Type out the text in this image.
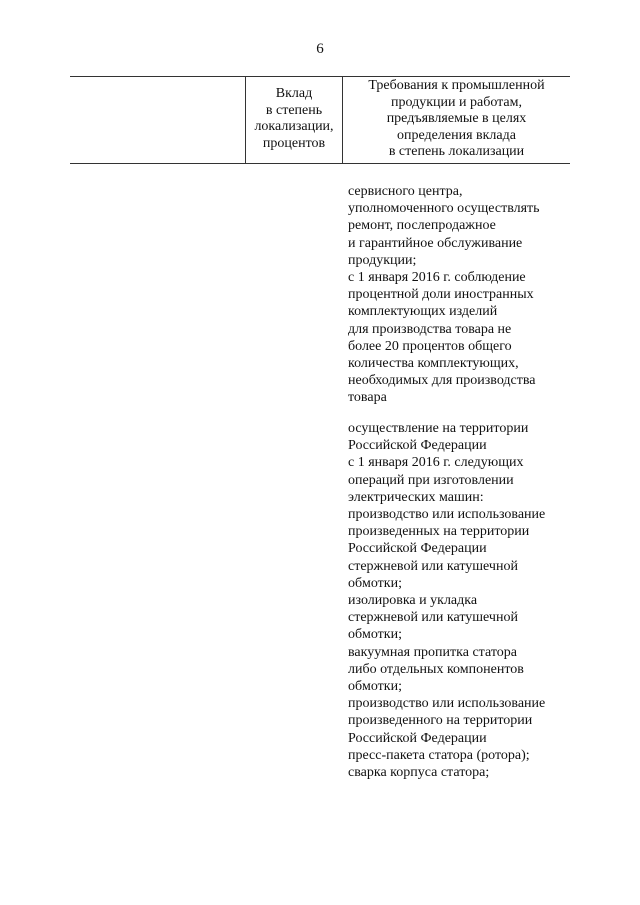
6
Вклад
в степень
локализации,
процентов
Требования к промышленной
продукции и работам,
предъявляемые в целях
определения вклада
в степень локализации
сервисного центра,
уполномоченного осуществлять
ремонт, послепродажное
и гарантийное обслуживание
продукции;
с 1 января 2016 г. соблюдение
процентной доли иностранных
комплектующих изделий
для производства товара не
более 20 процентов общего
количества комплектующих,
необходимых для производства
товара
осуществление на территории
Российской Федерации
с 1 января 2016 г. следующих
операций при изготовлении
электрических машин:
производство или использование
произведенных на территории
Российской Федерации
стержневой или катушечной
обмотки;
изолировка и укладка
стержневой или катушечной
обмотки;
вакуумная пропитка статора
либо отдельных компонентов
обмотки;
производство или использование
произведенного на территории
Российской Федерации
пресс-пакета статора (ротора);
сварка корпуса статора;
